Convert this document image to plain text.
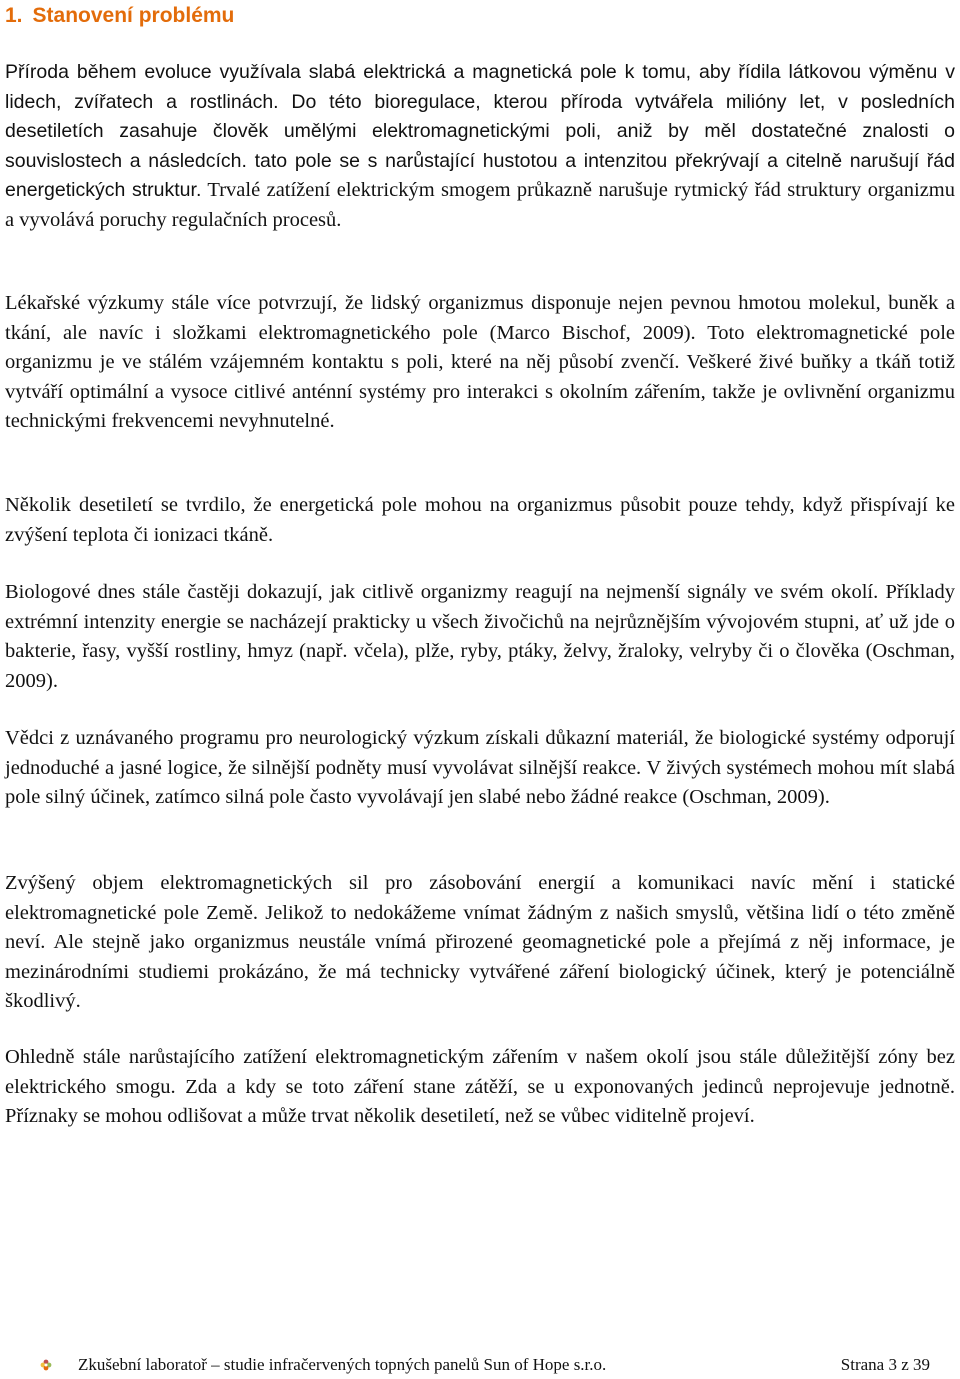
1. Stanovení problému

Příroda během evoluce využívala slabá elektrická a magnetická pole k tomu, aby řídila látkovou výměnu v lidech, zvířatech a rostlinách. Do této bioregulace, kterou příroda vytvářela milióny let, v posledních desetiletích zasahuje člověk umělými elektromagnetickými poli, aniž by měl dostatečné znalosti o souvislostech a následcích. tato pole se s narůstající hustotou a intenzitou překrývají a citelně narušují řád energetických struktur. Trvalé zatížení elektrickým smogem průkazně narušuje rytmický řád struktury organizmu a vyvolává poruchy regulačních procesů.

Lékařské výzkumy stále více potvrzují, že lidský organizmus disponuje nejen pevnou hmotou molekul, buněk a tkání, ale navíc i složkami elektromagnetického pole (Marco Bischof, 2009). Toto elektromagnetické pole organizmu je ve stálém vzájemném kontaktu s poli, které na něj působí zvenčí. Veškeré živé buňky a tkáň totiž vytváří optimální a vysoce citlivé anténní systémy pro interakci s okolním zářením, takže je ovlivnění organizmu technickými frekvencemi nevyhnutelné.

Několik desetiletí se tvrdilo, že energetická pole mohou na organizmus působit pouze tehdy, když přispívají ke zvýšení teplota či ionizaci tkáně.

Biologové dnes stále častěji dokazují, jak citlivě organizmy reagují na nejmenší signály ve svém okolí. Příklady extrémní intenzity energie se nacházejí prakticky u všech živočichů na nejrůznějším vývojovém stupni, ať už jde o bakterie, řasy, vyšší rostliny, hmyz (např. včela), plže, ryby, ptáky, želvy, žraloky, velryby či o člověka (Oschman, 2009).

Vědci z uznávaného programu pro neurologický výzkum získali důkazní materiál, že biologické systémy odporují jednoduché a jasné logice, že silnější podněty musí vyvolávat silnější reakce. V živých systémech mohou mít slabá pole silný účinek, zatímco silná pole často vyvolávají jen slabé nebo žádné reakce (Oschman, 2009).

Zvýšený objem elektromagnetických sil pro zásobování energií a komunikaci navíc mění i statické elektromagnetické pole Země. Jelikož to nedokážeme vnímat žádným z našich smyslů, většina lidí o této změně neví. Ale stejně jako organizmus neustále vnímá přirozené geomagnetické pole a přejímá z něj informace, je mezinárodními studiemi prokázáno, že má technicky vytvářené záření biologický účinek, který je potenciálně škodlivý.

Ohledně stále narůstajícího zatížení elektromagnetickým zářením v našem okolí jsou stále důležitější zóny bez elektrického smogu. Zda a kdy se toto záření stane zátěží, se u exponovaných jedinců neprojevuje jednotně. Příznaky se mohou odlišovat a může trvat několik desetiletí, než se vůbec viditelně projeví.

Zkušební laboratoř – studie infračervených topných panelů Sun of Hope s.r.o.	Strana 3 z 39
